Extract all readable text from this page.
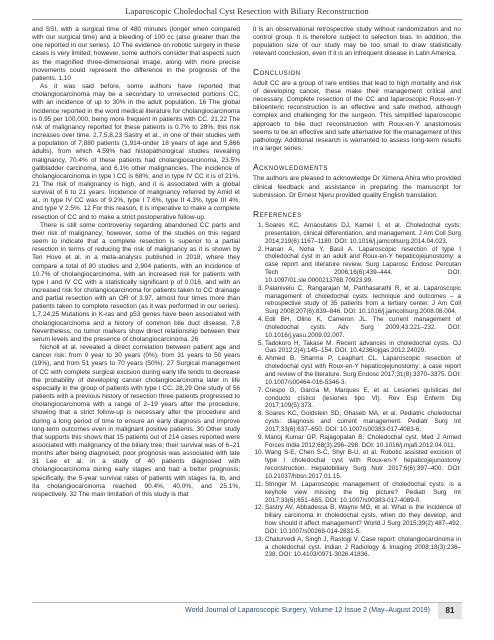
Laparoscopic Choledochal Cyst Resection with Biliary Reconstruction

and SSI, with a surgical time of 480 minutes (longer when compared with our surgical time) and a bleeding of 100 cc (also greater than the one reported in our series). 10 The evidence on robotic surgery in these cases is very limited; however, some authors consider that aspects such as the magnified three-dimensional image, along with more precise movements could represent the difference in the prognosis of the patients. 1,10

As it was said before, some authors have reported that cholangiocarcinoma may be a secondary to unresected portions CC, with an incidence of up to 30% in the adult population. 16 The global incidence reported in the word medical literature for cholangiocarcinoma is 0.95 per 100,000, being more frequent in patients with CC. 21,22 The risk of malignancy reported for these patients is 0.7% to 28%, this risk increases over time. 2,7,5,8,23 Sastry et al., in one of their studies with a population of 7,880 patients (1,914-under 18 years of age and 5,866 adults), from which 4.59% had histopathological studies revealing malignancy, 70.4% of these patients had cholangiocarcinoma, 23.5% gallbladder carcinoma, and 6.1% other malignancies. The incidence of cholangiocarcinoma in type I CC is 68%; and in type IV CC it is of 21%. 21 The risk of malignancy is high, and it is associated with a global survival of 6 to 21 years. Incidence of malignancy referred by Amid et al., in type IV CC was of 9.2%, type I 7.6%, type II 4.3%, type III 4%, and type V 2.5%. 12 For this reason, it is imperative to make a complete resection of CC and to make a strict postoperative follow-up.

There is still some controversy regarding abandoned CC parts and their risk of malignancy; however, some of the studies on this regard seem to indicate that a complete resection is superior to a partial resection in terms of reducing the risk of malignancy as it is shown by Ten Hove et al. in a meta-analysis published in 2018, where they compare a total of 80 studies and 2,904 patients, with an incidence of 10.7% of cholangiocarcinoma, with an increased risk for patients with type I and IV CC with a statistically significant p of 0.016, and with an increased risk for cholangiocarcinoma for patients taken to CC drainage and partial resection with an OR of 3.97, almost four times more than patients taken to complete resection (as it was performed in our series). 1,7,24,25 Mutations in K-ras and p53 genes have been associated with cholangiocarcinoma and a history of common bile duct disease. 7,8 Nevertheless, no tumor markers show direct relationship between their serum levels and the presence of cholangiocarcinoma. 26

Nicholl et al. revealed a direct correlation between patient age and cancer risk: from 0 year to 30 years (0%), from 31 years to 50 years (19%), and from 51 years to 70 years (50%). 27 Surgical management of CC with complete surgical excision during early life tends to decrease the probability of developing cancer cholangiocarcinoma later in life especially in the group of patients with type I CC. 28,29 One study of 56 patients with a previous history of resection three patients progressed to cholangiocarcinoma with a range of 2–19 years after the procedure, showing that a strict follow-up is necessary after the procedure and during a long period of time to ensure an early diagnosis and improve long-term outcomes even in malignant positive patients. 30 Other study that supports this shows that 15 patients out of 214 cases reported were associated with malignancy of the biliary tree; their survival was of 6–21 months after being diagnosed, poor prognosis was associated with late 31 Lee et al. in a study of 40 patients diagnosed with cholangiocarcinoma during early stages and had a better prognosis; specifically, the 5-year survival rates of patients with stages Ia, Ib, and IIa cholangiocarcinoma reached 90.4%, 40.0%, and 25.1%, respectively. 32 The main limitation of this study is that

it is an observational retrospective study without randomization and no control group. It is therefore subject to selection bias. In addition, the population size of our study may be too small to draw statistically relevant conclusion, even if it is an infrequent disease in Latin America.

Conclusion

Adult CC are a group of rare entities that lead to high mortality and risk of developing cancer, these make their management critical and necessary. Complete resection of the CC and laparoscopic Roux-en-Y bilioenteric reconstruction is an effective and safe method, although complex and challenging for the surgeon. This simplified laparoscopic approach to bile duct reconstruction with Roux-en-Y anastomosis seems to be an effective and safe alternative for the management of this pathology. Additional research is warranted to assess long-term results in a larger series.

Acknowledgments

The authors are pleased to acknowledge Dr Ximena Ahira who provided clinical feedback and assistance in preparing the manuscript for submission. Dr Ernest Njeru provided quality English translation.

References
1. Soares KC, Arnaoutakis DJ, Kamel I, et al. Choledochal cysts: presentation, clinical differentiation, and management. J Am Coll Surg 2014;219(6):1167–1180. DOI: 10.1016/j.jamcollsurg.2014.04.023.
2. Hanan A, Noha Y, Basil A. Laparoscopic resection of type I choledochal cyst in an adult and Roux-en-Y hepaticojejunostomy: a case report and literature review. Surg Laparosc Endosc Percutan Tech 2006;16(6):439–444. DOI: 10.1097/01.sle.0000213768.70923.99.
3. Palanivelu C, Rangarajan M, Parthasarathi R, et al. Laparoscopic management of choledochal cysts: technique and outcomes – a retrospective study of 35 patients from a tertiary center. J Am Coll Surg 2008;207(6):839–846. DOI: 10.1016/j.jamcollsurg.2008.08.004.
4. Edil BH, Olino K, Cameron JL. The current management of choledochal cysts. Adv Surg 2009;43:221–232. DOI: 10.1016/j.yasu.2009.02.007.
5. Tadokoro H, Takase M. Recent advances in choledochal cysts. OJ Gas 2012;2(4):145–154. DOI: 10.4236/ojgas.2012.24029.
6. Ahmed B, Sharma P, Leaphart CL. Laparoscopic resection of choledochal cyst with Roux-en-Y hepaticojejunostomy: a case report and review of the literature. Surg Endosc 2017;31(8):3370–3375. DOI: 10.1007/s00464-016-5346-3.
7. Crespo G, García M, Marques E, et al. Lesiones quísticas del conducto cístico (lesiones tipo VI). Rev Esp Enferm Dig 2017;109(5):373.
8. Soares KC, Goldstein SD, Ghaseb MA, et al. Pediatric choledochal cysts: diagnosis and current management. Pediatr Surg Int 2017;33(6):637–650. DOI: 10.1007/s00383-017-4083-6.
9. Manoj Kumar GP, Rajagopalan B. Choledochal cyst. Med J Armed Forces India 2012;68(3):296–298. DOI: 10.1016/j.mjafi.2012.04.011.
10. Wang S-E, Chen S-C, Shyr B-U, et al. Robotic assisted excision of type I choledochal cyst with Roux-en-Y hepaticojejunostomy reconstruction. Hepatobiliary Surg Nutr 2017;6(6):397–400. DOI: 10.21037/hbsn.2017.01.15.
11. Stringer M. Laparoscopic management of choledochal cysts: is a keyhole view missing the big picture? Pediatr Surg Int 2017;33(6):651–655. DOI: 10.1007/s00383-017-4089-0.
12. Sastry AV, Abbadessa B, Wayne MG, et al. What is the incidence of biliary carcinoma in choledochal cysts, when do they develop, and how should it affect management? World J Surg 2015;39(2):487–492. DOI: 10.1007/s00268-014-2831-5.
13. Chaturvedi A, Singh J, Rastogi V. Case report: cholangiocarcinoma in a choledochal cyst. Indian J Radiology & Imaging 2008;18(3):236–238. DOI: 10.4103/0971-3026.41836.
World Journal of Laparoscopic Surgery, Volume 12 Issue 2 (May–August 2019)	81
